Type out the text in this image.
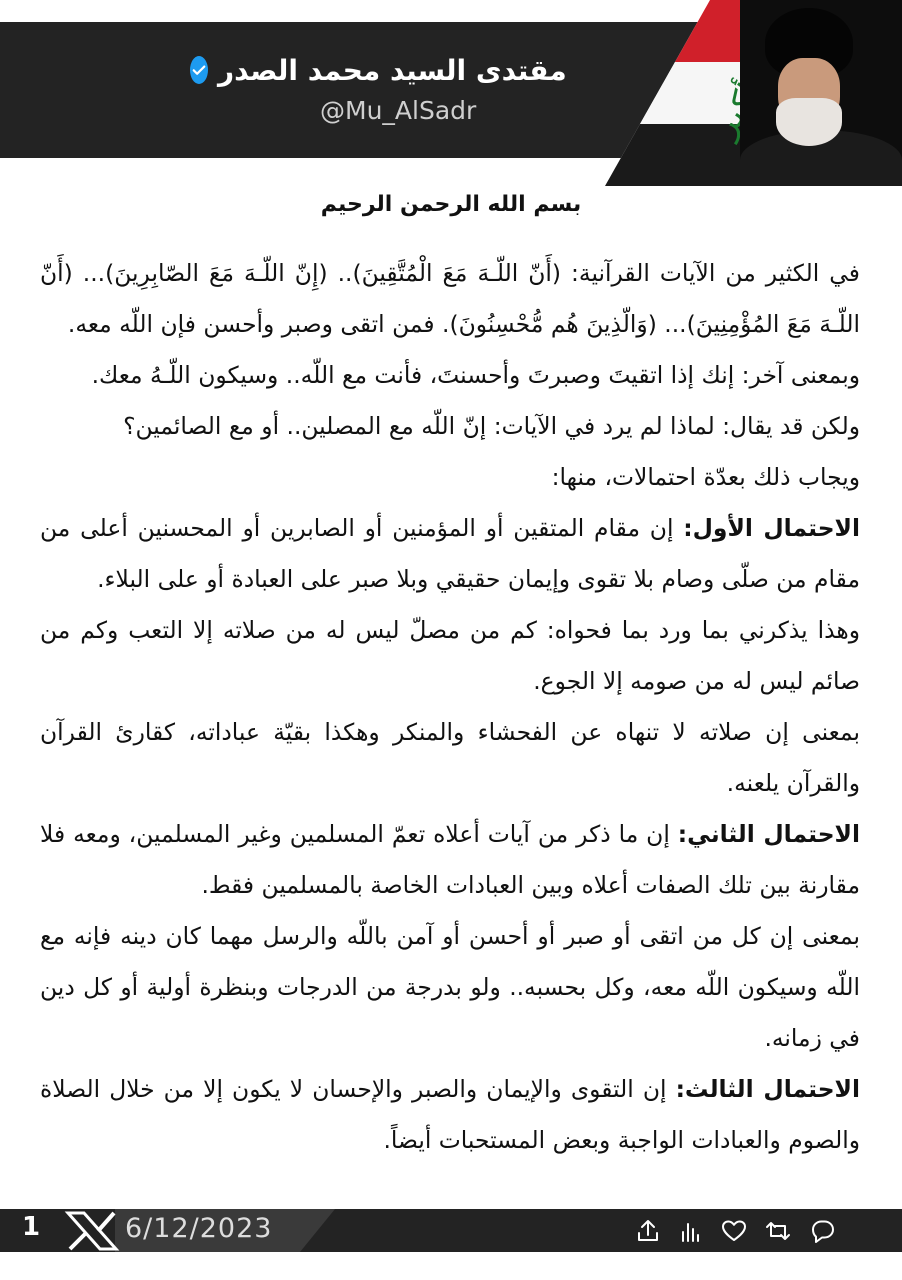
أكبر
مقتدى السيد محمد الصدر
@Mu_AlSadr
بسم الله الرحمن الرحيم

في الكثير من الآيات القرآنية: (أَنّ اللّـهَ مَعَ الْمُتَّقِينَ).. (إِنّ اللّـهَ مَعَ الصّابِرِينَ)... (أَنّ اللّـهَ مَعَ المُؤْمِنِينَ)... (وَالّذِينَ هُم مُّحْسِنُونَ). فمن اتقى وصبر وأحسن فإن اللّه معه.

وبمعنى آخر: إنك إذا اتقيتَ وصبرتَ وأحسنتَ، فأنت مع اللّه.. وسيكون اللّـهُ معك.

ولكن قد يقال: لماذا لم يرد في الآيات: إنّ اللّه مع المصلين.. أو مع الصائمين؟

ويجاب ذلك بعدّة احتمالات، منها:

الاحتمال الأول: إن مقام المتقين أو المؤمنين أو الصابرين أو المحسنين أعلى من مقام من صلّى وصام بلا تقوى وإيمان حقيقي وبلا صبر على العبادة أو على البلاء.

وهذا يذكرني بما ورد بما فحواه: كم من مصلّ ليس له من صلاته إلا التعب وكم من صائم ليس له من صومه إلا الجوع.

بمعنى إن صلاته لا تنهاه عن الفحشاء والمنكر وهكذا بقيّة عباداته، كقارئ القرآن والقرآن يلعنه.

الاحتمال الثاني: إن ما ذكر من آيات أعلاه تعمّ المسلمين وغير المسلمين، ومعه فلا مقارنة بين تلك الصفات أعلاه وبين العبادات الخاصة بالمسلمين فقط.

بمعنى إن كل من اتقى أو صبر أو أحسن أو آمن باللّه والرسل مهما كان دينه فإنه مع اللّه وسيكون اللّه معه، وكل بحسبه.. ولو بدرجة من الدرجات وبنظرة أولية أو كل دين في زمانه.

الاحتمال الثالث: إن التقوى والإيمان والصبر والإحسان لا يكون إلا من خلال الصلاة والصوم والعبادات الواجبة وبعض المستحبات أيضاً.

1	6/12/2023
